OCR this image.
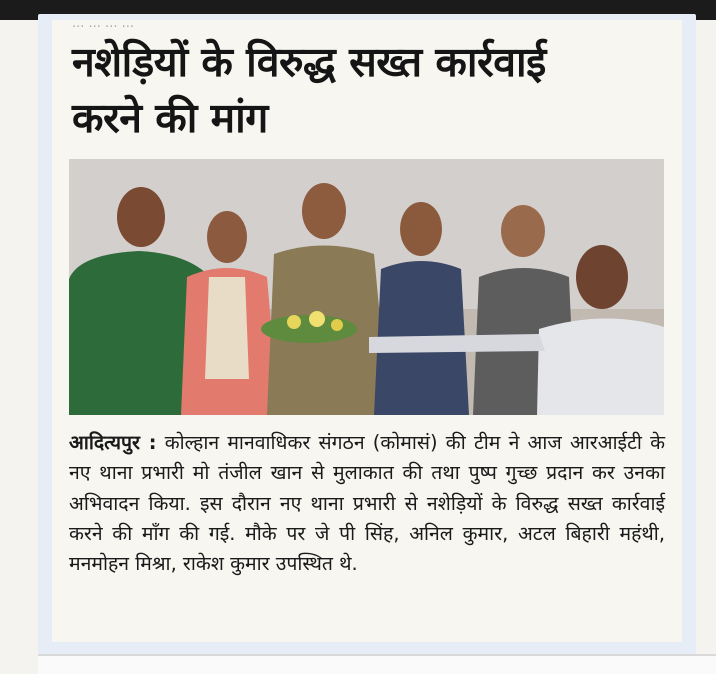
... ... ... ...
नशेड़ियों के विरुद्ध सख्त कार्रवाई
करने की मांग
आदित्यपुर : कोल्हान मानवाधिकर संगठन (कोमासं) की टीम ने आज आरआईटी के नए थाना प्रभारी मो तंजील खान से मुलाकात की तथा पुष्प गुच्छ प्रदान कर उनका अभिवादन किया. इस दौरान नए थाना प्रभारी से नशेड़ियों के विरुद्ध सख्त कार्रवाई करने की माँग की गई. मौके पर जे पी सिंह, अनिल कुमार, अटल बिहारी महंथी, मनमोहन मिश्रा, राकेश कुमार उपस्थित थे.
